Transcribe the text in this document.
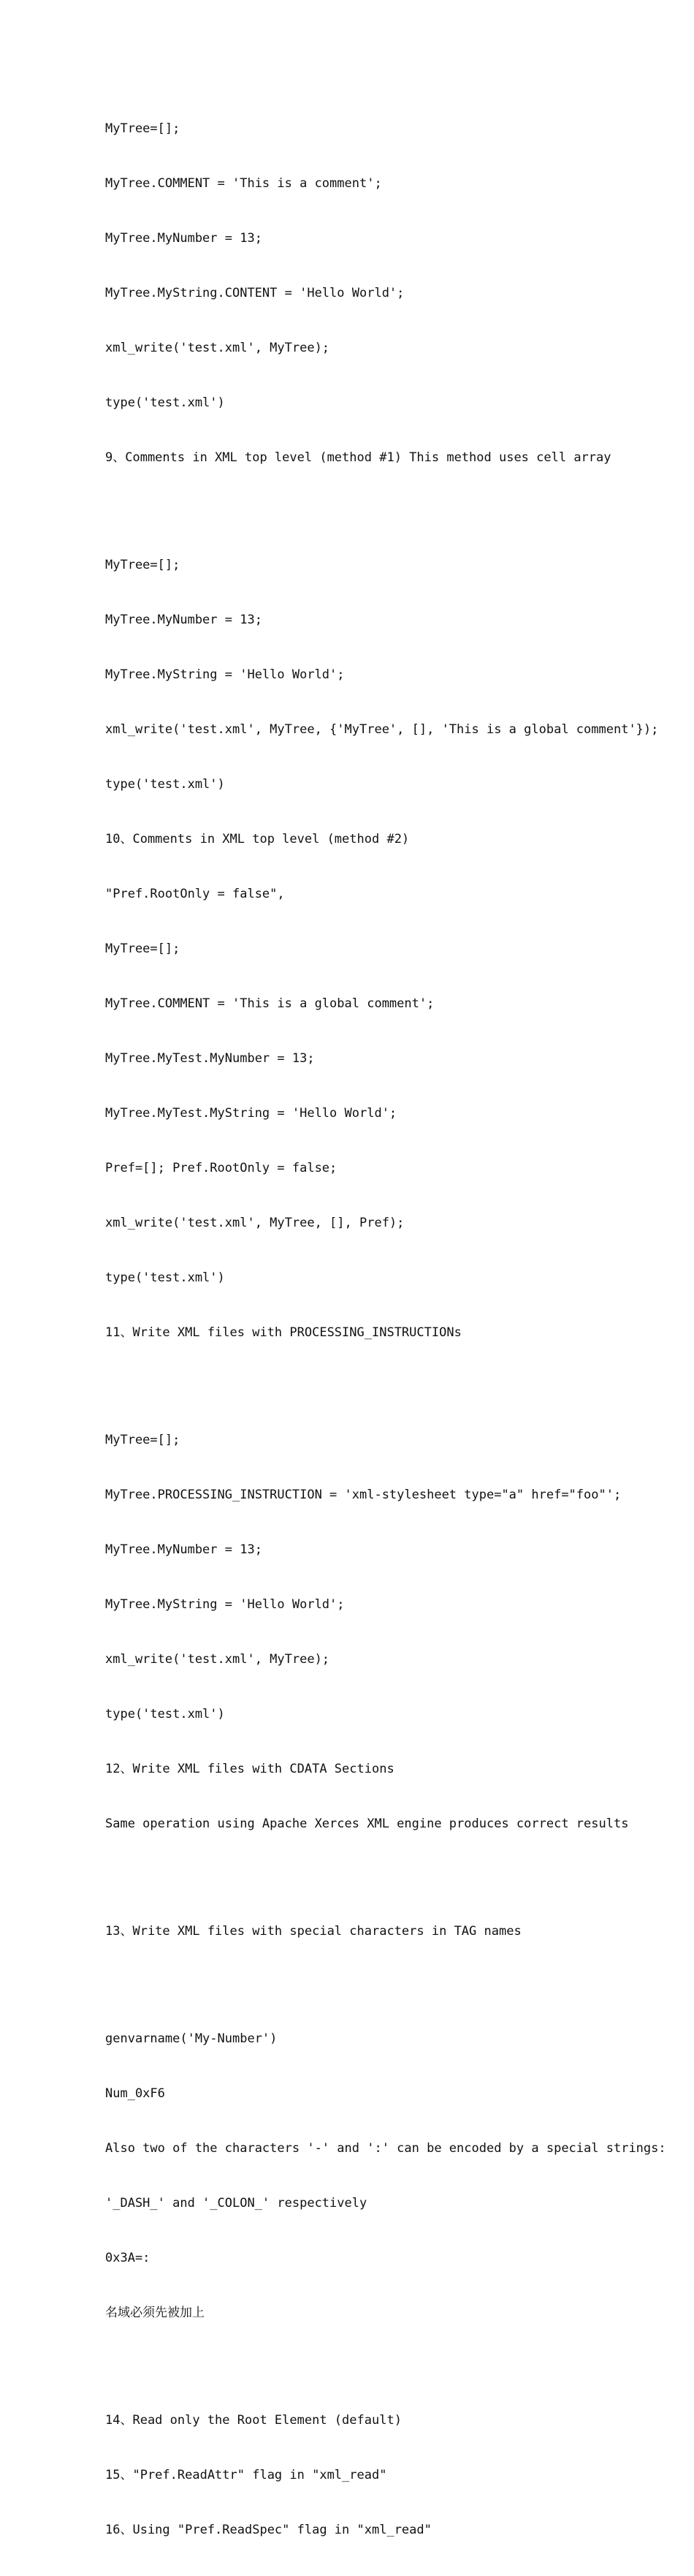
MyTree=[];

MyTree.COMMENT = 'This is a comment';

MyTree.MyNumber = 13;

MyTree.MyString.CONTENT = 'Hello World';

xml_write('test.xml', MyTree);

type('test.xml')

9、Comments in XML top level (method #1) This method uses cell array

MyTree=[];

MyTree.MyNumber = 13;

MyTree.MyString = 'Hello World';

xml_write('test.xml', MyTree, {'MyTree', [], 'This is a global comment'});

type('test.xml')

10、Comments in XML top level (method #2)

"Pref.RootOnly = false",

MyTree=[];

MyTree.COMMENT = 'This is a global comment';

MyTree.MyTest.MyNumber = 13;

MyTree.MyTest.MyString = 'Hello World';

Pref=[]; Pref.RootOnly = false;

xml_write('test.xml', MyTree, [], Pref);

type('test.xml')

11、Write XML files with PROCESSING_INSTRUCTIONs

MyTree=[];

MyTree.PROCESSING_INSTRUCTION = 'xml-stylesheet type="a" href="foo"';

MyTree.MyNumber = 13;

MyTree.MyString = 'Hello World';

xml_write('test.xml', MyTree);

type('test.xml')

12、Write XML files with CDATA Sections

Same operation using Apache Xerces XML engine produces correct results

13、Write XML files with special characters in TAG names

genvarname('My-Number')

Num_0xF6

Also two of the characters '-' and ':' can be encoded by a special strings:

'_DASH_' and '_COLON_' respectively

0x3A=:

名域必须先被加上

14、Read only the Root Element (default)

15、"Pref.ReadAttr" flag in "xml_read"

16、Using "Pref.ReadSpec" flag in "xml_read"
